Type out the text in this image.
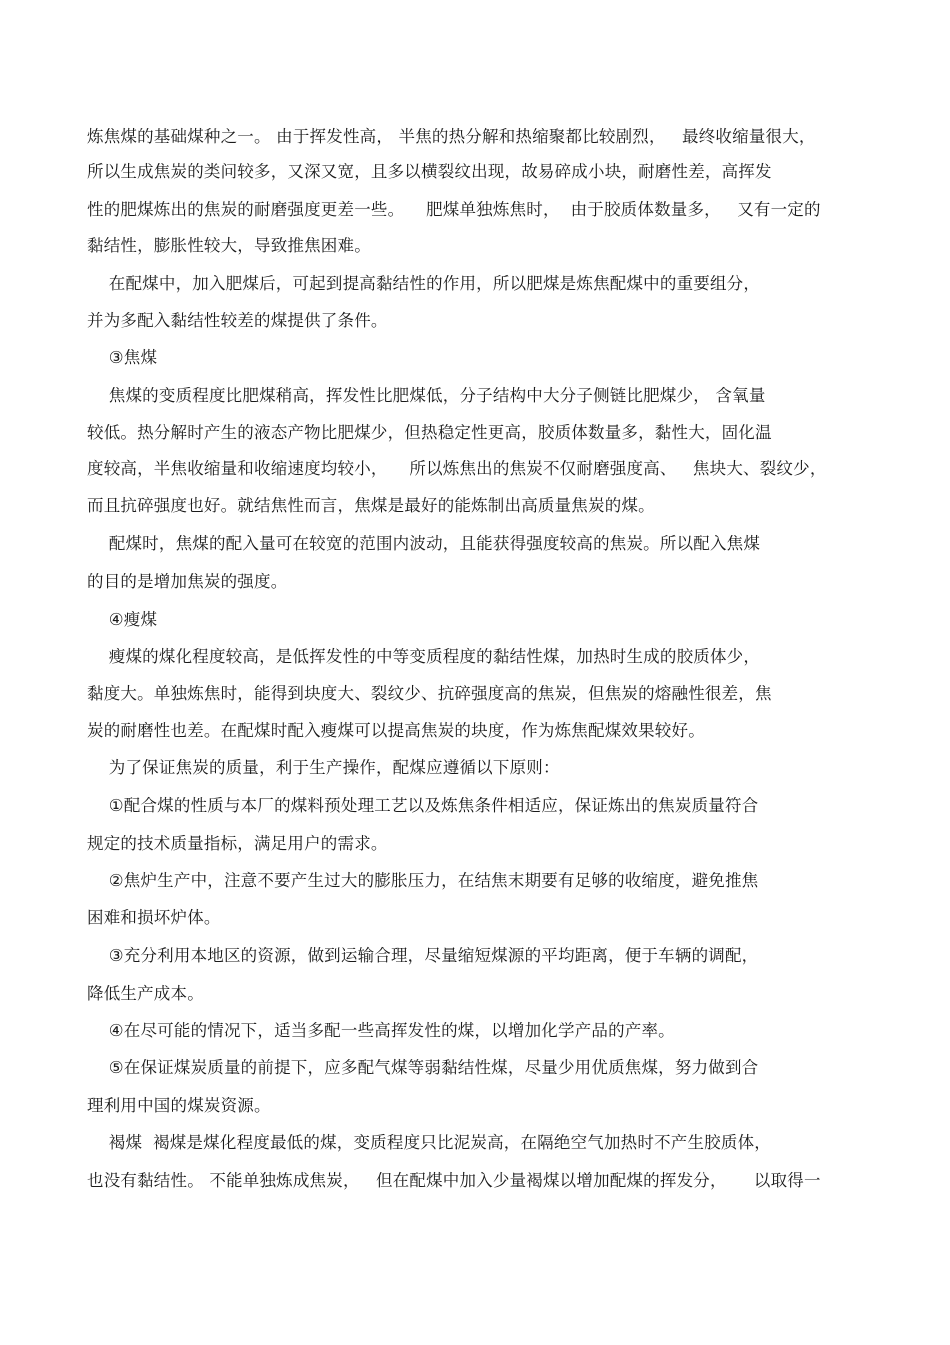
炼焦煤的基础煤种之一。 由于挥发性高， 半焦的热分解和热缩聚都比较剧烈，   最终收缩量很大，
所以生成焦炭的类问较多，又深又宽，且多以横裂纹出现，故易碎成小块，耐磨性差，高挥发
性的肥煤炼出的焦炭的耐磨强度更差一些。    肥煤单独炼焦时，  由于胶质体数量多，   又有一定的
黏结性，膨胀性较大，导致推焦困难。
在配煤中，加入肥煤后，可起到提高黏结性的作用，所以肥煤是炼焦配煤中的重要组分，
并为多配入黏结性较差的煤提供了条件。
③焦煤
焦煤的变质程度比肥煤稍高，挥发性比肥煤低，分子结构中大分子侧链比肥煤少， 含氧量
较低。热分解时产生的液态产物比肥煤少，但热稳定性更高，胶质体数量多，黏性大，固化温
度较高，半焦收缩量和收缩速度均较小，    所以炼焦出的焦炭不仅耐磨强度高、   焦块大、裂纹少，
而且抗碎强度也好。就结焦性而言，焦煤是最好的能炼制出高质量焦炭的煤。
配煤时，焦煤的配入量可在较宽的范围内波动，且能获得强度较高的焦炭。所以配入焦煤
的目的是增加焦炭的强度。
④瘦煤
瘦煤的煤化程度较高，是低挥发性的中等变质程度的黏结性煤，加热时生成的胶质体少，
黏度大。单独炼焦时，能得到块度大、裂纹少、抗碎强度高的焦炭，但焦炭的熔融性很差，焦
炭的耐磨性也差。在配煤时配入瘦煤可以提高焦炭的块度，作为炼焦配煤效果较好。
为了保证焦炭的质量，利于生产操作，配煤应遵循以下原则：
①配合煤的性质与本厂的煤料预处理工艺以及炼焦条件相适应，保证炼出的焦炭质量符合
规定的技术质量指标，满足用户的需求。
②焦炉生产中，注意不要产生过大的膨胀压力，在结焦末期要有足够的收缩度，避免推焦
困难和损坏炉体。
③充分利用本地区的资源，做到运输合理，尽量缩短煤源的平均距离，便于车辆的调配，
降低生产成本。
④在尽可能的情况下，适当多配一些高挥发性的煤，以增加化学产品的产率。
⑤在保证煤炭质量的前提下，应多配气煤等弱黏结性煤，尽量少用优质焦煤，努力做到合
理利用中国的煤炭资源。
褐煤  褐煤是煤化程度最低的煤，变质程度只比泥炭高，在隔绝空气加热时不产生胶质体，
也没有黏结性。 不能单独炼成焦炭，   但在配煤中加入少量褐煤以增加配煤的挥发分，     以取得一
